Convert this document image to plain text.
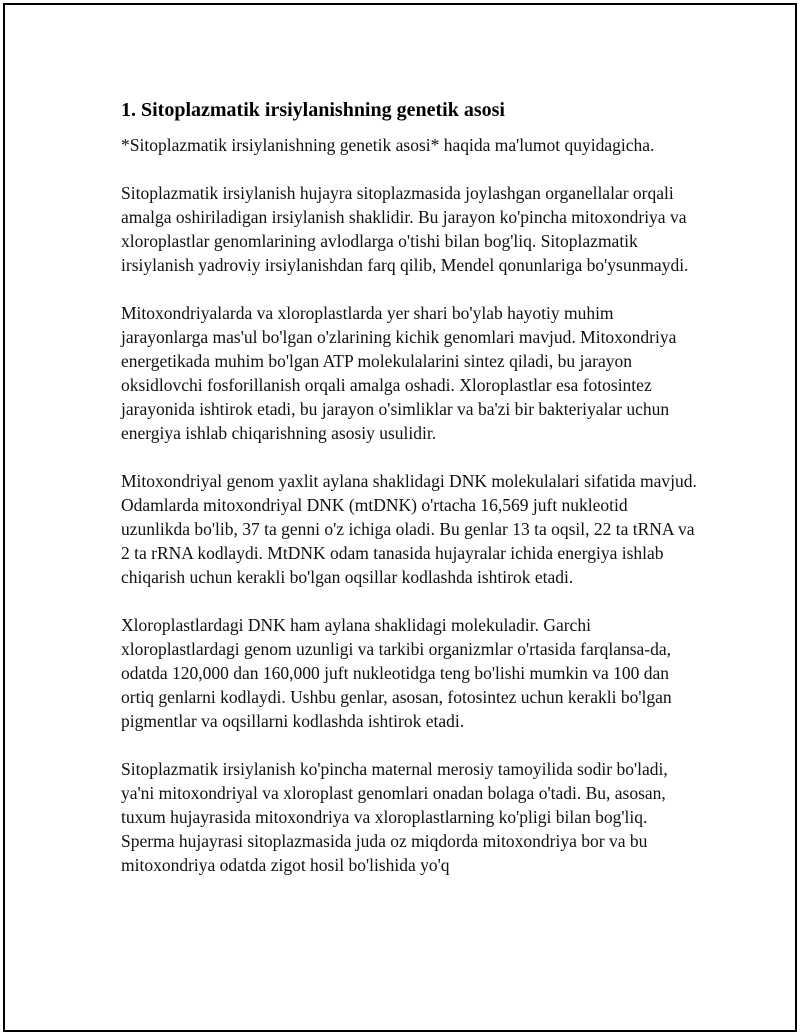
1. Sitoplazmatik irsiylanishning genetik asosi

*Sitoplazmatik irsiylanishning genetik asosi* haqida ma'lumot quyidagicha.

Sitoplazmatik irsiylanish hujayra sitoplazmasida joylashgan organellalar orqali amalga oshiriladigan irsiylanish shaklidir. Bu jarayon ko'pincha mitoxondriya va xloroplastlar genomlarining avlodlarga o'tishi bilan bog'liq. Sitoplazmatik irsiylanish yadroviy irsiylanishdan farq qilib, Mendel qonunlariga bo'ysunmaydi.

Mitoxondriyalarda va xloroplastlarda yer shari bo'ylab hayotiy muhim jarayonlarga mas'ul bo'lgan o'zlarining kichik genomlari mavjud. Mitoxondriya energetikada muhim bo'lgan ATP molekulalarini sintez qiladi, bu jarayon oksidlovchi fosforillanish orqali amalga oshadi. Xloroplastlar esa fotosintez jarayonida ishtirok etadi, bu jarayon o'simliklar va ba'zi bir bakteriyalar uchun energiya ishlab chiqarishning asosiy usulidir.

Mitoxondriyal genom yaxlit aylana shaklidagi DNK molekulalari sifatida mavjud. Odamlarda mitoxondriyal DNK (mtDNK) o'rtacha 16,569 juft nukleotid uzunlikda bo'lib, 37 ta genni o'z ichiga oladi. Bu genlar 13 ta oqsil, 22 ta tRNA va 2 ta rRNA kodlaydi. MtDNK odam tanasida hujayralar ichida energiya ishlab chiqarish uchun kerakli bo'lgan oqsillar kodlashda ishtirok etadi.

Xloroplastlardagi DNK ham aylana shaklidagi molekuladir. Garchi xloroplastlardagi genom uzunligi va tarkibi organizmlar o'rtasida farqlansa-da, odatda 120,000 dan 160,000 juft nukleotidga teng bo'lishi mumkin va 100 dan ortiq genlarni kodlaydi. Ushbu genlar, asosan, fotosintez uchun kerakli bo'lgan pigmentlar va oqsillarni kodlashda ishtirok etadi.

Sitoplazmatik irsiylanish ko'pincha maternal merosiy tamoyilida sodir bo'ladi, ya'ni mitoxondriyal va xloroplast genomlari onadan bolaga o'tadi. Bu, asosan, tuxum hujayrasida mitoxondriya va xloroplastlarning ko'pligi bilan bog'liq. Sperma hujayrasi sitoplazmasida juda oz miqdorda mitoxondriya bor va bu mitoxondriya odatda zigot hosil bo'lishida yo'q
